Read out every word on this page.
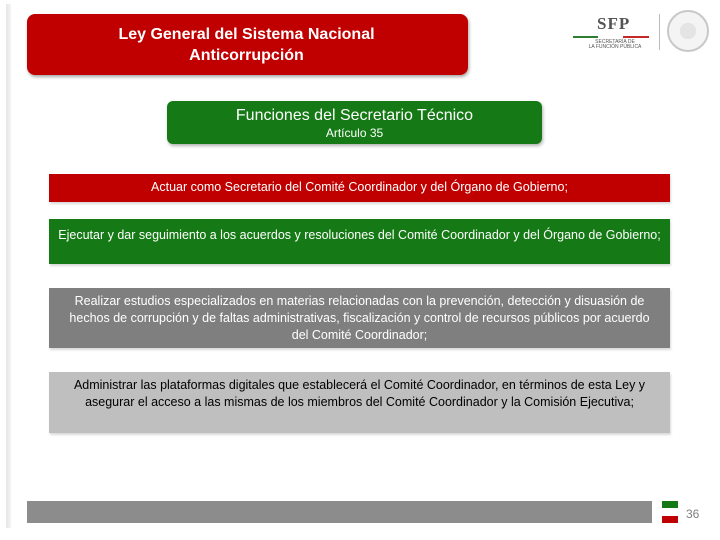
Ley General del Sistema Nacional
Anticorrupción
SFP
SECRETARÍA DE
LA FUNCIÓN PÚBLICA
Funciones del Secretario Técnico
Artículo 35
Actuar como Secretario del Comité Coordinador y del Órgano de Gobierno;
Ejecutar y dar seguimiento a los acuerdos y resoluciones del Comité Coordinador y del Órgano de Gobierno;
Realizar estudios especializados en materias relacionadas con la prevención, detección y disuasión de hechos de corrupción y de faltas administrativas, fiscalización y control de recursos públicos por acuerdo del Comité Coordinador;
Administrar las plataformas digitales que establecerá el Comité Coordinador, en términos de esta Ley y asegurar el acceso a las mismas de los miembros del Comité Coordinador y la Comisión Ejecutiva;
36
